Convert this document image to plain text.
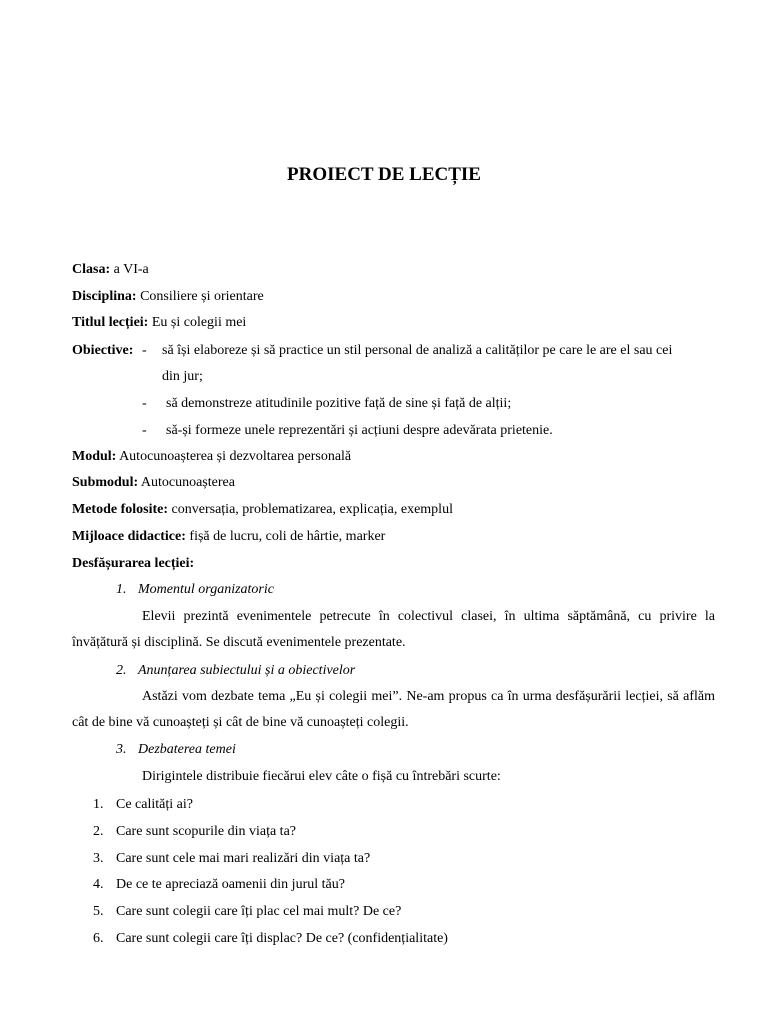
PROIECT DE LECȚIE
Clasa: a VI-a
Disciplina: Consiliere și orientare
Titlul lecției: Eu și colegii mei
Obiective: - să își elaboreze și să practice un stil personal de analiză a calităților pe care le are el sau cei
din jur;
- să demonstreze atitudinile pozitive față de sine și față de alții;
- să-și formeze unele reprezentări și acțiuni despre adevărata prietenie.
Modul: Autocunoașterea și dezvoltarea personală
Submodul: Autocunoașterea
Metode folosite: conversația, problematizarea, explicația, exemplul
Mijloace didactice: fișă de lucru, coli de hârtie, marker
Desfășurarea lecției:
1. Momentul organizatoric
Elevii prezintă evenimentele petrecute în colectivul clasei, în ultima săptămână, cu privire la învățătură și disciplină. Se discută evenimentele prezentate.
2. Anunțarea subiectului și a obiectivelor
Astăzi vom dezbate tema „Eu și colegii mei”. Ne-am propus ca în urma desfășurării lecției, să aflăm cât de bine vă cunoașteți și cât de bine vă cunoașteți colegii.
3. Dezbaterea temei
Dirigintele distribuie fiecărui elev câte o fișă cu întrebări scurte:
1. Ce calități ai?
2. Care sunt scopurile din viața ta?
3. Care sunt cele mai mari realizări din viața ta?
4. De ce te apreciază oamenii din jurul tău?
5. Care sunt colegii care îți plac cel mai mult? De ce?
6. Care sunt colegii care îți displac? De ce? (confidențialitate)
